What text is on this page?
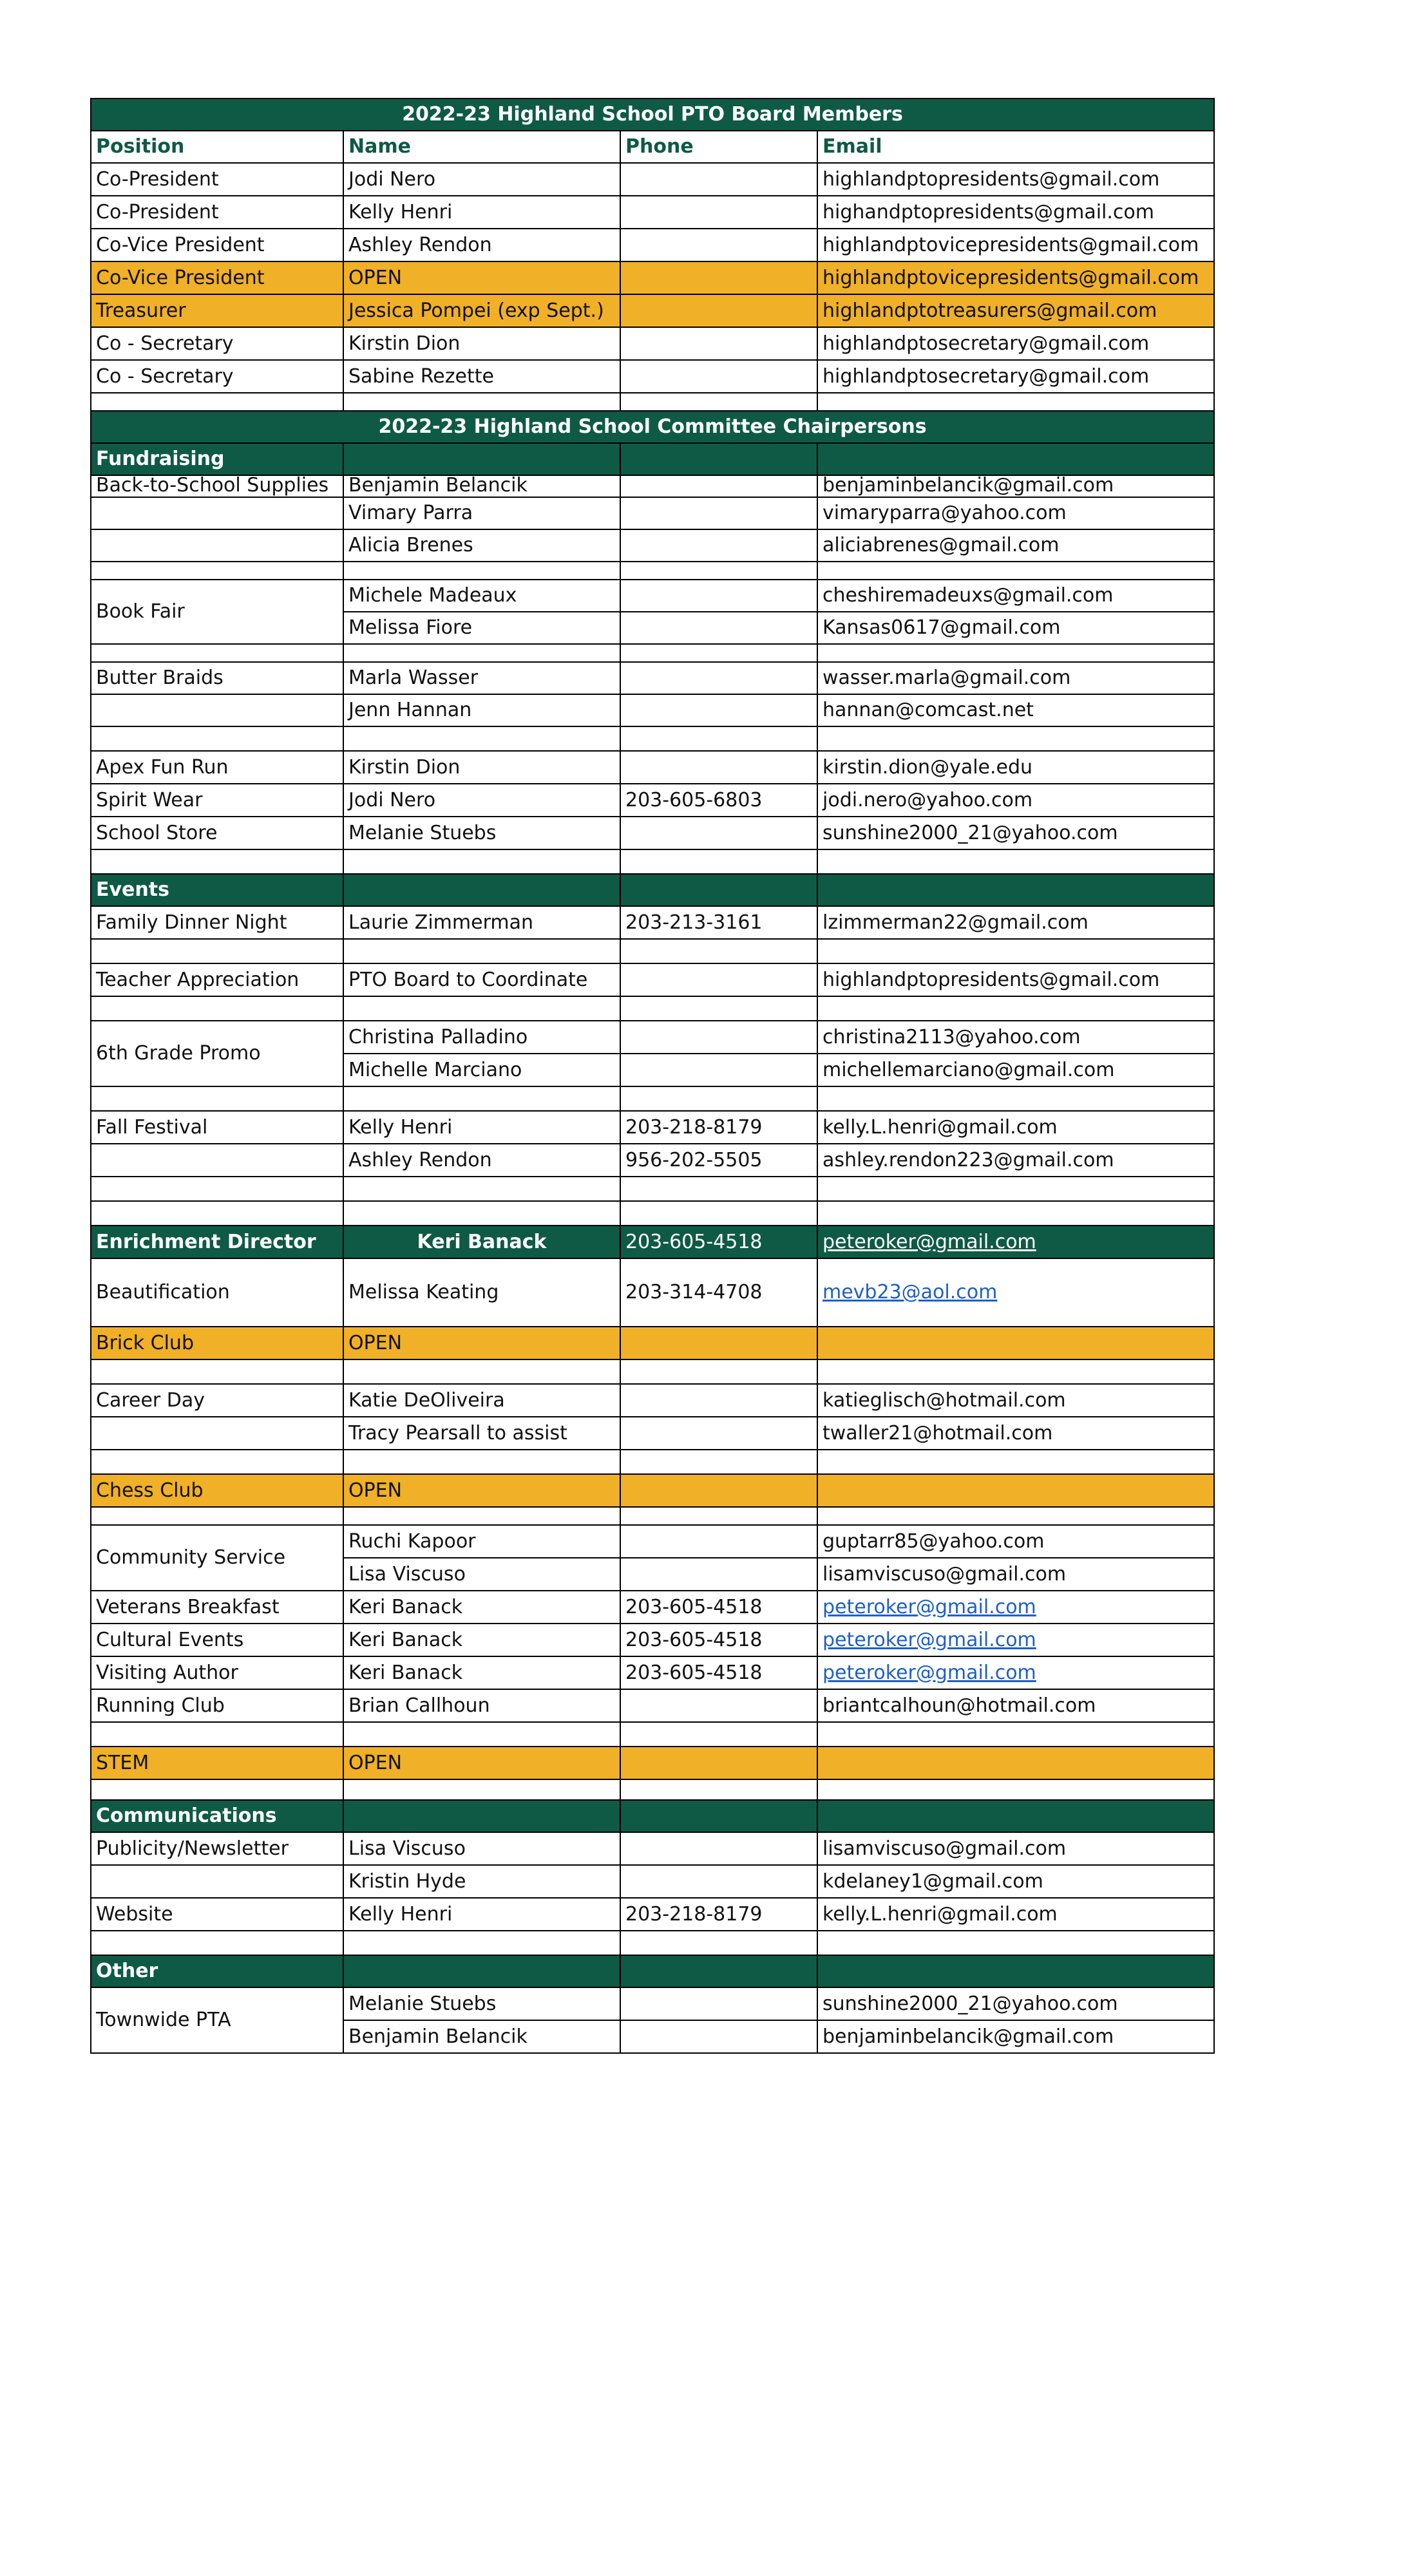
2022-23 Highland School PTO Board Members			
Position	Name	Phone	Email
Co-President	Jodi Nero		highlandptopresidents@gmail.com
Co-President	Kelly Henri		highandptopresidents@gmail.com
Co-Vice President	Ashley Rendon		highlandptovicepresidents@gmail.com
Co-Vice President	OPEN		highlandptovicepresidents@gmail.com
Treasurer	Jessica Pompei (exp Sept.)		highlandptotreasurers@gmail.com
Co - Secretary	Kirstin Dion		highlandptosecretary@gmail.com
Co - Secretary	Sabine Rezette		highlandptosecretary@gmail.com

2022-23 Highland School Committee Chairpersons			
Fundraising			
Back-to-School Supplies	Benjamin Belancik		benjaminbelancik@gmail.com
	Vimary Parra		vimaryparra@yahoo.com
	Alicia Brenes		aliciabrenes@gmail.com

Book Fair	Michele Madeaux		cheshiremadeuxs@gmail.com
	Melissa Fiore		Kansas0617@gmail.com

Butter Braids	Marla Wasser		wasser.marla@gmail.com
	Jenn Hannan		hannan@comcast.net

Apex Fun Run	Kirstin Dion		kirstin.dion@yale.edu
Spirit Wear	Jodi Nero	203-605-6803	jodi.nero@yahoo.com
School Store	Melanie Stuebs		sunshine2000_21@yahoo.com

Events			
Family Dinner Night	Laurie Zimmerman	203-213-3161	lzimmerman22@gmail.com

Teacher Appreciation	PTO Board to Coordinate		highlandptopresidents@gmail.com

6th Grade Promo	Christina Palladino		christina2113@yahoo.com
	Michelle Marciano		michellemarciano@gmail.com

Fall Festival	Kelly Henri	203-218-8179	kelly.L.henri@gmail.com
	Ashley Rendon	956-202-5505	ashley.rendon223@gmail.com

Enrichment Director	Keri Banack	203-605-4518	peteroker@gmail.com
Beautification	Melissa Keating	203-314-4708	mevb23@aol.com
Brick Club	OPEN		

Career Day	Katie DeOliveira		katieglisch@hotmail.com
	Tracy Pearsall to assist		twaller21@hotmail.com

Chess Club	OPEN		

Community Service	Ruchi Kapoor		guptarr85@yahoo.com
	Lisa Viscuso		lisamviscuso@gmail.com
Veterans Breakfast	Keri Banack	203-605-4518	peteroker@gmail.com
Cultural Events	Keri Banack	203-605-4518	peteroker@gmail.com
Visiting Author	Keri Banack	203-605-4518	peteroker@gmail.com
Running Club	Brian Callhoun		briantcalhoun@hotmail.com

STEM	OPEN		

Communications			
Publicity/Newsletter	Lisa Viscuso		lisamviscuso@gmail.com
	Kristin Hyde		kdelaney1@gmail.com
Website	Kelly Henri	203-218-8179	kelly.L.henri@gmail.com

Other			
Townwide PTA	Melanie Stuebs		sunshine2000_21@yahoo.com
	Benjamin Belancik		benjaminbelancik@gmail.com
